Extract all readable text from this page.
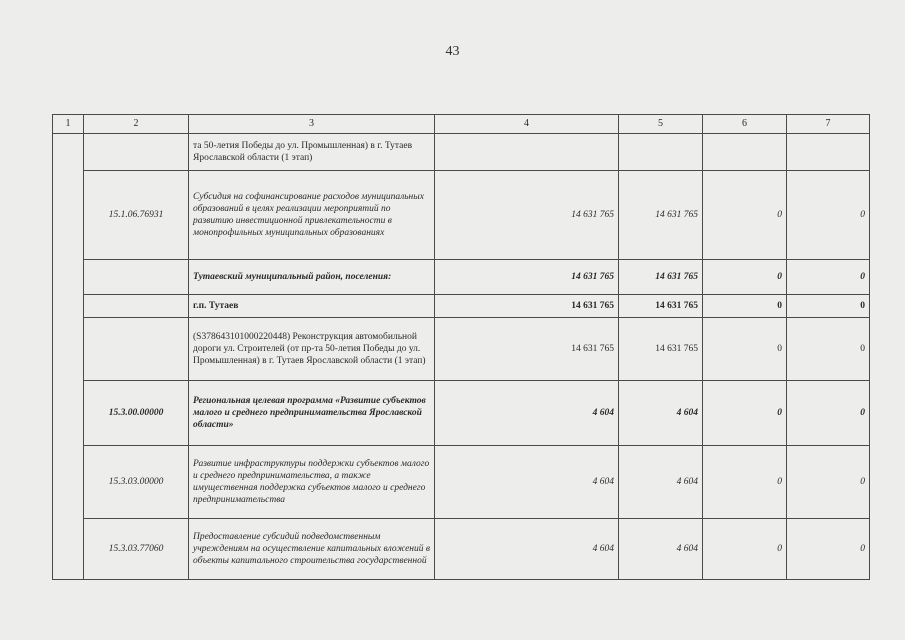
43
1	2	3	4	5	6	7
		та 50-летия Победы до ул. Промышленная) в г. Тутаев Ярославской области (1 этап)				
	15.1.06.76931	Субсидия на софинансирование расходов муниципальных образований в целях реализации мероприятий по развитию инвестиционной привлекательности в монопрофильных муниципальных образованиях	14 631 765	14 631 765	0	0
		Тутаевский муниципальный район, поселения:	14 631 765	14 631 765	0	0
		г.п. Тутаев	14 631 765	14 631 765	0	0
		(S378643101000220448) Реконструкция автомобильной дороги ул. Строителей (от пр-та 50-летия Победы до ул. Промышленная) в г. Тутаев Ярославской области (1 этап)	14 631 765	14 631 765	0	0
	15.3.00.00000	Региональная целевая программа «Развитие субъектов малого и среднего предпринимательства Ярославской области»	4 604	4 604	0	0
	15.3.03.00000	Развитие инфраструктуры поддержки субъектов малого и среднего предпринимательства, а также имущественная поддержка субъектов малого и среднего предпринимательства	4 604	4 604	0	0
	15.3.03.77060	Предоставление субсидий подведомственным учреждениям на осуществление капитальных вложений в объекты капитального строительства государственной	4 604	4 604	0	0
